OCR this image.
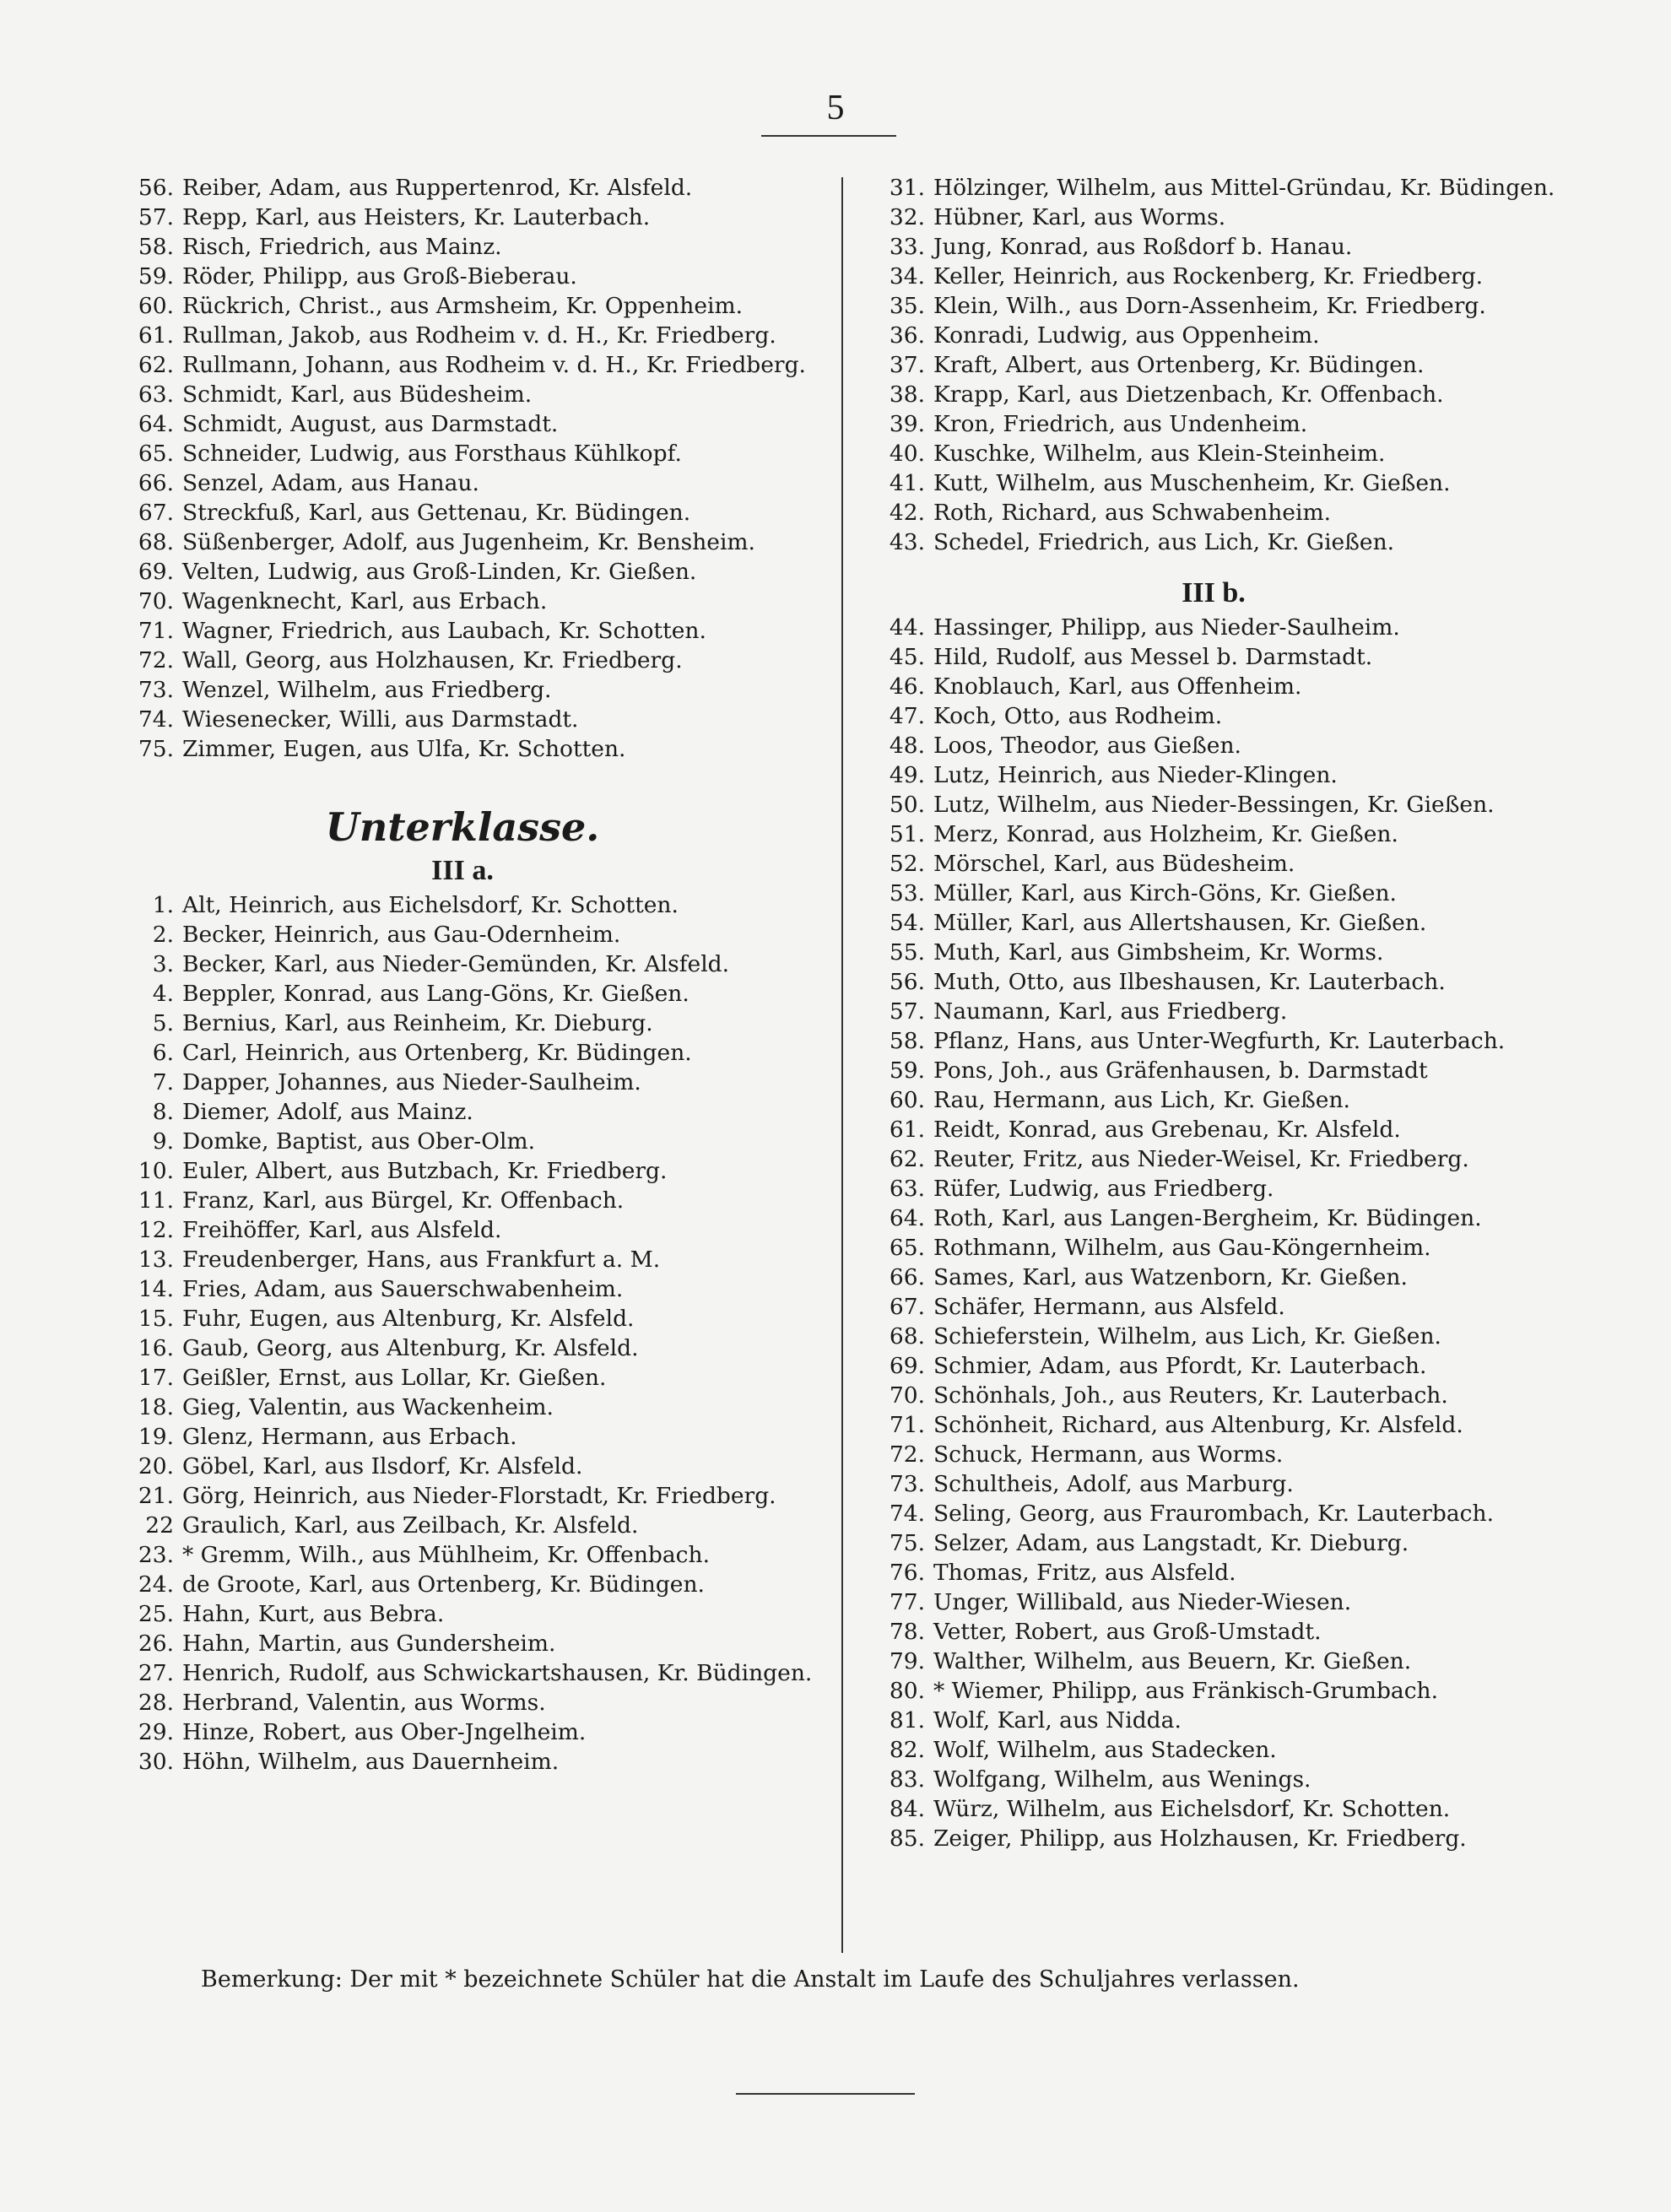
5
56. Reiber, Adam, aus Ruppertenrod, Kr. Alsfeld.
57. Repp, Karl, aus Heisters, Kr. Lauterbach.
58. Risch, Friedrich, aus Mainz.
59. Röder, Philipp, aus Groß-Bieberau.
60. Rückrich, Christ., aus Armsheim, Kr. Oppenheim.
61. Rullman, Jakob, aus Rodheim v. d. H., Kr. Friedberg.
62. Rullmann, Johann, aus Rodheim v. d. H., Kr. Friedberg.
63. Schmidt, Karl, aus Büdesheim.
64. Schmidt, August, aus Darmstadt.
65. Schneider, Ludwig, aus Forsthaus Kühlkopf.
66. Senzel, Adam, aus Hanau.
67. Streckfuß, Karl, aus Gettenau, Kr. Büdingen.
68. Süßenberger, Adolf, aus Jugenheim, Kr. Bensheim.
69. Velten, Ludwig, aus Groß-Linden, Kr. Gießen.
70. Wagenknecht, Karl, aus Erbach.
71. Wagner, Friedrich, aus Laubach, Kr. Schotten.
72. Wall, Georg, aus Holzhausen, Kr. Friedberg.
73. Wenzel, Wilhelm, aus Friedberg.
74. Wiesenecker, Willi, aus Darmstadt.
75. Zimmer, Eugen, aus Ulfa, Kr. Schotten.
Unterklasse.
III a.
1. Alt, Heinrich, aus Eichelsdorf, Kr. Schotten.
2. Becker, Heinrich, aus Gau-Odernheim.
3. Becker, Karl, aus Nieder-Gemünden, Kr. Alsfeld.
4. Beppler, Konrad, aus Lang-Göns, Kr. Gießen.
5. Bernius, Karl, aus Reinheim, Kr. Dieburg.
6. Carl, Heinrich, aus Ortenberg, Kr. Büdingen.
7. Dapper, Johannes, aus Nieder-Saulheim.
8. Diemer, Adolf, aus Mainz.
9. Domke, Baptist, aus Ober-Olm.
10. Euler, Albert, aus Butzbach, Kr. Friedberg.
11. Franz, Karl, aus Bürgel, Kr. Offenbach.
12. Freihöffer, Karl, aus Alsfeld.
13. Freudenberger, Hans, aus Frankfurt a. M.
14. Fries, Adam, aus Sauerschwabenheim.
15. Fuhr, Eugen, aus Altenburg, Kr. Alsfeld.
16. Gaub, Georg, aus Altenburg, Kr. Alsfeld.
17. Geißler, Ernst, aus Lollar, Kr. Gießen.
18. Gieg, Valentin, aus Wackenheim.
19. Glenz, Hermann, aus Erbach.
20. Göbel, Karl, aus Ilsdorf, Kr. Alsfeld.
21. Görg, Heinrich, aus Nieder-Florstadt, Kr. Friedberg.
22 Graulich, Karl, aus Zeilbach, Kr. Alsfeld.
23. * Gremm, Wilh., aus Mühlheim, Kr. Offenbach.
24. de Groote, Karl, aus Ortenberg, Kr. Büdingen.
25. Hahn, Kurt, aus Bebra.
26. Hahn, Martin, aus Gundersheim.
27. Henrich, Rudolf, aus Schwickartshausen, Kr. Büdingen.
28. Herbrand, Valentin, aus Worms.
29. Hinze, Robert, aus Ober-Jngelheim.
30. Höhn, Wilhelm, aus Dauernheim.
31. Hölzinger, Wilhelm, aus Mittel-Gründau, Kr. Büdingen.
32. Hübner, Karl, aus Worms.
33. Jung, Konrad, aus Roßdorf b. Hanau.
34. Keller, Heinrich, aus Rockenberg, Kr. Friedberg.
35. Klein, Wilh., aus Dorn-Assenheim, Kr. Friedberg.
36. Konradi, Ludwig, aus Oppenheim.
37. Kraft, Albert, aus Ortenberg, Kr. Büdingen.
38. Krapp, Karl, aus Dietzenbach, Kr. Offenbach.
39. Kron, Friedrich, aus Undenheim.
40. Kuschke, Wilhelm, aus Klein-Steinheim.
41. Kutt, Wilhelm, aus Muschenheim, Kr. Gießen.
42. Roth, Richard, aus Schwabenheim.
43. Schedel, Friedrich, aus Lich, Kr. Gießen.
III b.
44. Hassinger, Philipp, aus Nieder-Saulheim.
45. Hild, Rudolf, aus Messel b. Darmstadt.
46. Knoblauch, Karl, aus Offenheim.
47. Koch, Otto, aus Rodheim.
48. Loos, Theodor, aus Gießen.
49. Lutz, Heinrich, aus Nieder-Klingen.
50. Lutz, Wilhelm, aus Nieder-Bessingen, Kr. Gießen.
51. Merz, Konrad, aus Holzheim, Kr. Gießen.
52. Mörschel, Karl, aus Büdesheim.
53. Müller, Karl, aus Kirch-Göns, Kr. Gießen.
54. Müller, Karl, aus Allertshausen, Kr. Gießen.
55. Muth, Karl, aus Gimbsheim, Kr. Worms.
56. Muth, Otto, aus Ilbeshausen, Kr. Lauterbach.
57. Naumann, Karl, aus Friedberg.
58. Pflanz, Hans, aus Unter-Wegfurth, Kr. Lauterbach.
59. Pons, Joh., aus Gräfenhausen, b. Darmstadt
60. Rau, Hermann, aus Lich, Kr. Gießen.
61. Reidt, Konrad, aus Grebenau, Kr. Alsfeld.
62. Reuter, Fritz, aus Nieder-Weisel, Kr. Friedberg.
63. Rüfer, Ludwig, aus Friedberg.
64. Roth, Karl, aus Langen-Bergheim, Kr. Büdingen.
65. Rothmann, Wilhelm, aus Gau-Köngernheim.
66. Sames, Karl, aus Watzenborn, Kr. Gießen.
67. Schäfer, Hermann, aus Alsfeld.
68. Schieferstein, Wilhelm, aus Lich, Kr. Gießen.
69. Schmier, Adam, aus Pfordt, Kr. Lauterbach.
70. Schönhals, Joh., aus Reuters, Kr. Lauterbach.
71. Schönheit, Richard, aus Altenburg, Kr. Alsfeld.
72. Schuck, Hermann, aus Worms.
73. Schultheis, Adolf, aus Marburg.
74. Seling, Georg, aus Fraurombach, Kr. Lauterbach.
75. Selzer, Adam, aus Langstadt, Kr. Dieburg.
76. Thomas, Fritz, aus Alsfeld.
77. Unger, Willibald, aus Nieder-Wiesen.
78. Vetter, Robert, aus Groß-Umstadt.
79. Walther, Wilhelm, aus Beuern, Kr. Gießen.
80. * Wiemer, Philipp, aus Fränkisch-Grumbach.
81. Wolf, Karl, aus Nidda.
82. Wolf, Wilhelm, aus Stadecken.
83. Wolfgang, Wilhelm, aus Wenings.
84. Würz, Wilhelm, aus Eichelsdorf, Kr. Schotten.
85. Zeiger, Philipp, aus Holzhausen, Kr. Friedberg.
Bemerkung: Der mit * bezeichnete Schüler hat die Anstalt im Laufe des Schuljahres verlassen.
